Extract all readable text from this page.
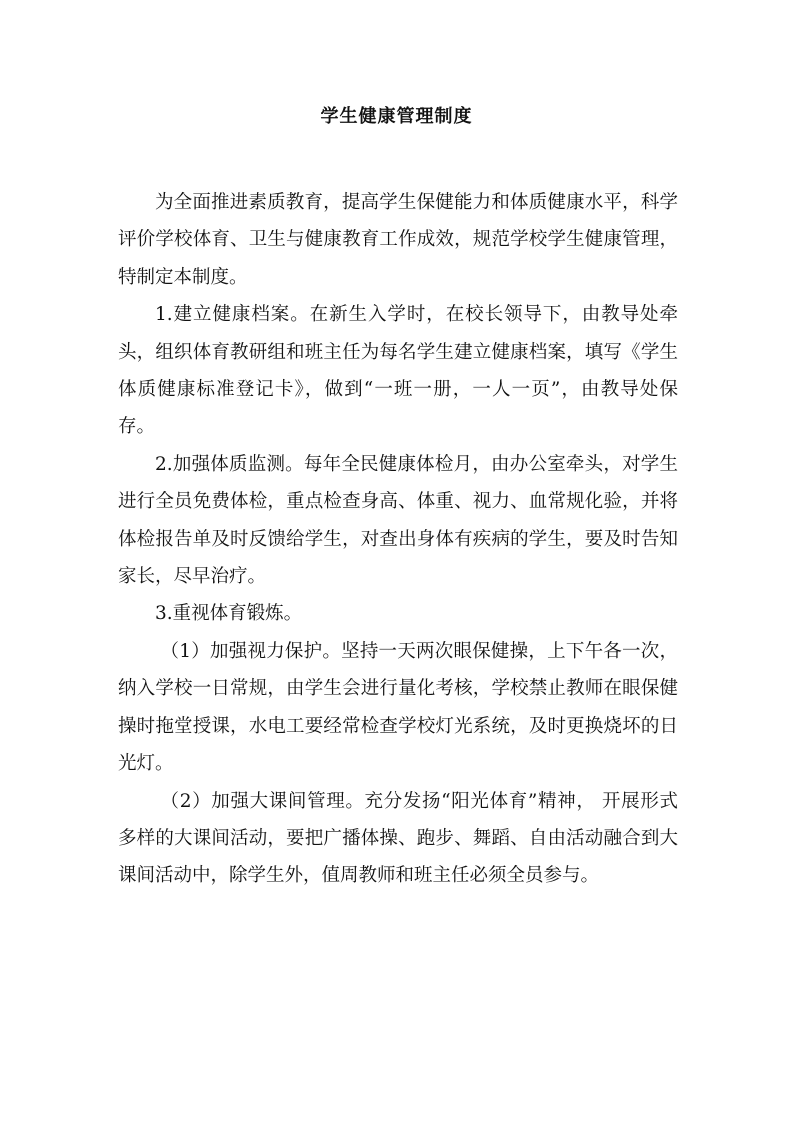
学生健康管理制度

为全面推进素质教育，提高学生保健能力和体质健康水平，科学评价学校体育、卫生与健康教育工作成效，规范学校学生健康管理，特制定本制度。

1.建立健康档案。在新生入学时，在校长领导下，由教导处牵头，组织体育教研组和班主任为每名学生建立健康档案，填写《学生体质健康标准登记卡》，做到“一班一册，一人一页”，由教导处保存。

2.加强体质监测。每年全民健康体检月，由办公室牵头，对学生进行全员免费体检，重点检查身高、体重、视力、血常规化验，并将体检报告单及时反馈给学生，对查出身体有疾病的学生，要及时告知家长，尽早治疗。

3.重视体育锻炼。

（1）加强视力保护。坚持一天两次眼保健操，上下午各一次，纳入学校一日常规，由学生会进行量化考核，学校禁止教师在眼保健操时拖堂授课，水电工要经常检查学校灯光系统，及时更换烧坏的日光灯。

（2）加强大课间管理。充分发扬“阳光体育”精神， 开展形式多样的大课间活动，要把广播体操、跑步、舞蹈、自由活动融合到大课间活动中，除学生外，值周教师和班主任必须全员参与。
